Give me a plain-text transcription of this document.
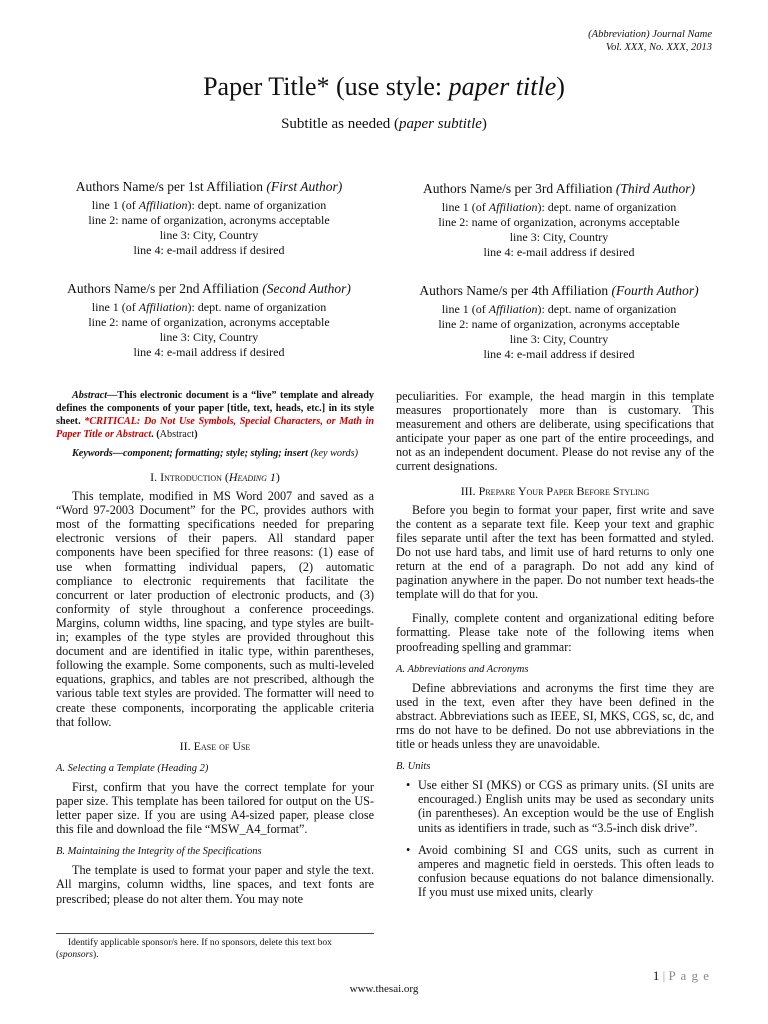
(Abbreviation) Journal Name
Vol. XXX, No. XXX, 2013
Paper Title* (use style: paper title)
Subtitle as needed (paper subtitle)
Authors Name/s per 1st Affiliation (First Author)
line 1 (of Affiliation): dept. name of organization
line 2: name of organization, acronyms acceptable
line 3: City, Country
line 4: e-mail address if desired
Authors Name/s per 2nd Affiliation (Second Author)
line 1 (of Affiliation): dept. name of organization
line 2: name of organization, acronyms acceptable
line 3: City, Country
line 4: e-mail address if desired
Authors Name/s per 3rd Affiliation (Third Author)
line 1 (of Affiliation): dept. name of organization
line 2: name of organization, acronyms acceptable
line 3: City, Country
line 4: e-mail address if desired
Authors Name/s per 4th Affiliation (Fourth Author)
line 1 (of Affiliation): dept. name of organization
line 2: name of organization, acronyms acceptable
line 3: City, Country
line 4: e-mail address if desired

Abstract—This electronic document is a “live” template and already defines the components of your paper [title, text, heads, etc.] in its style sheet. *CRITICAL: Do Not Use Symbols, Special Characters, or Math in Paper Title or Abstract. (Abstract)

Keywords—component; formatting; style; styling; insert (key words)

I. Introduction (Heading 1)

This template, modified in MS Word 2007 and saved as a “Word 97-2003 Document” for the PC, provides authors with most of the formatting specifications needed for preparing electronic versions of their papers. All standard paper components have been specified for three reasons: (1) ease of use when formatting individual papers, (2) automatic compliance to electronic requirements that facilitate the concurrent or later production of electronic products, and (3) conformity of style throughout a conference proceedings. Margins, column widths, line spacing, and type styles are built-in; examples of the type styles are provided throughout this document and are identified in italic type, within parentheses, following the example. Some components, such as multi-leveled equations, graphics, and tables are not prescribed, although the various table text styles are provided. The formatter will need to create these components, incorporating the applicable criteria that follow.

II. Ease of Use
A. Selecting a Template (Heading 2)

First, confirm that you have the correct template for your paper size. This template has been tailored for output on the US-letter paper size. If you are using A4-sized paper, please close this file and download the file “MSW_A4_format”.

B. Maintaining the Integrity of the Specifications

The template is used to format your paper and style the text. All margins, column widths, line spaces, and text fonts are prescribed; please do not alter them. You may note

peculiarities. For example, the head margin in this template measures proportionately more than is customary. This measurement and others are deliberate, using specifications that anticipate your paper as one part of the entire proceedings, and not as an independent document. Please do not revise any of the current designations.

III. Prepare Your Paper Before Styling

Before you begin to format your paper, first write and save the content as a separate text file. Keep your text and graphic files separate until after the text has been formatted and styled. Do not use hard tabs, and limit use of hard returns to only one return at the end of a paragraph. Do not add any kind of pagination anywhere in the paper. Do not number text heads-the template will do that for you.

Finally, complete content and organizational editing before formatting. Please take note of the following items when proofreading spelling and grammar:

A. Abbreviations and Acronyms

Define abbreviations and acronyms the first time they are used in the text, even after they have been defined in the abstract. Abbreviations such as IEEE, SI, MKS, CGS, sc, dc, and rms do not have to be defined. Do not use abbreviations in the title or heads unless they are unavoidable.

B. Units
• Use either SI (MKS) or CGS as primary units. (SI units are encouraged.) English units may be used as secondary units (in parentheses). An exception would be the use of English units as identifiers in trade, such as “3.5-inch disk drive”.
• Avoid combining SI and CGS units, such as current in amperes and magnetic field in oersteds. This often leads to confusion because equations do not balance dimensionally. If you must use mixed units, clearly
Identify applicable sponsor/s here. If no sponsors, delete this text box (sponsors).
1 | P a g e
www.thesai.org
